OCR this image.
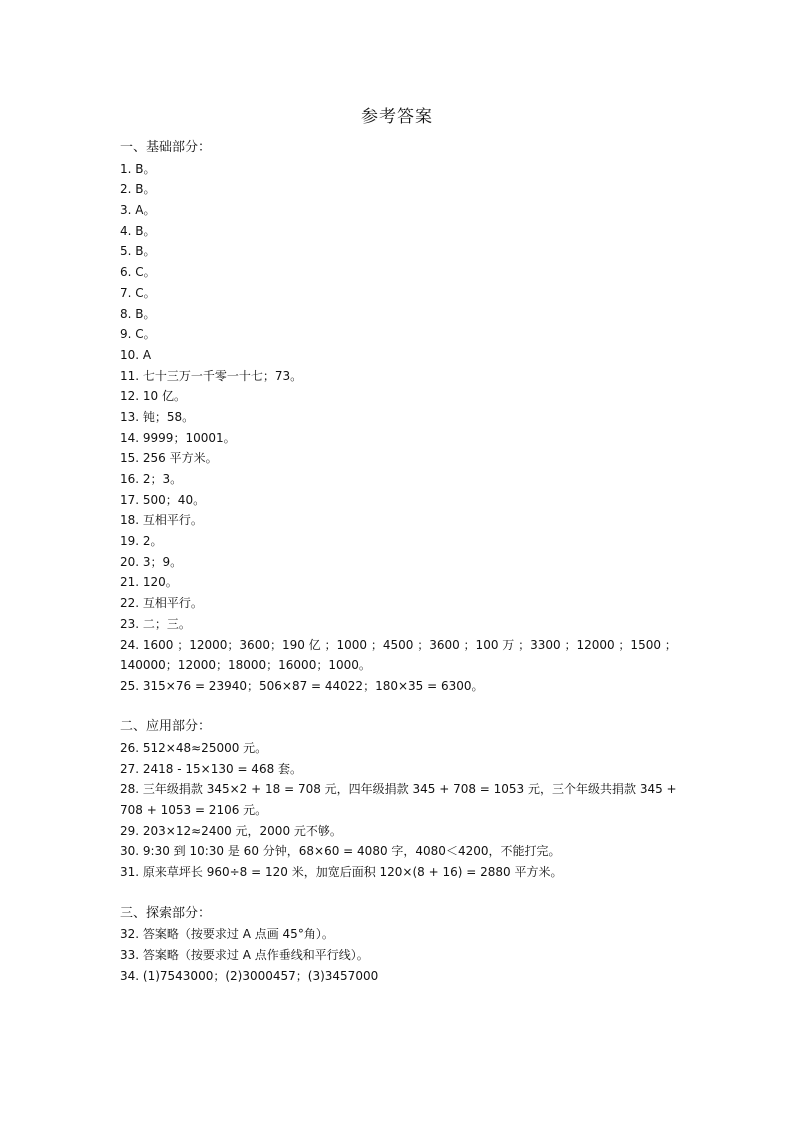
参考答案
一、基础部分：
1. B。
2. B。
3. A。
4. B。
5. B。
6. C。
7. C。
8. B。
9. C。
10. A
11. 七十三万一千零一十七；73。
12. 10 亿。
13. 钝；58。
14. 9999；10001。
15. 256 平方米。
16. 2；3。
17. 500；40。
18. 互相平行。
19. 2。
20. 3；9。
21. 120。
22. 互相平行。
23. 二；三。
24. 1600 ；12000；3600；190 亿 ；1000 ；4500 ；3600 ；100 万 ；3300 ；12000 ；1500 ；140000；12000；18000；16000；1000。
25. 315×76 = 23940；506×87 = 44022；180×35 = 6300。
二、应用部分：
26. 512×48≈25000 元。
27. 2418 - 15×130 = 468 套。
28. 三年级捐款 345×2 + 18 = 708 元，四年级捐款 345 + 708 = 1053 元，三个年级共捐款 345 + 708 + 1053 = 2106 元。
29. 203×12≈2400 元，2000 元不够。
30. 9:30 到 10:30 是 60 分钟，68×60 = 4080 字，4080＜4200，不能打完。
31. 原来草坪长 960÷8 = 120 米，加宽后面积 120×(8 + 16) = 2880 平方米。
三、探索部分：
32. 答案略（按要求过 A 点画 45°角）。
33. 答案略（按要求过 A 点作垂线和平行线）。
34. (1)7543000；(2)3000457；(3)3457000
